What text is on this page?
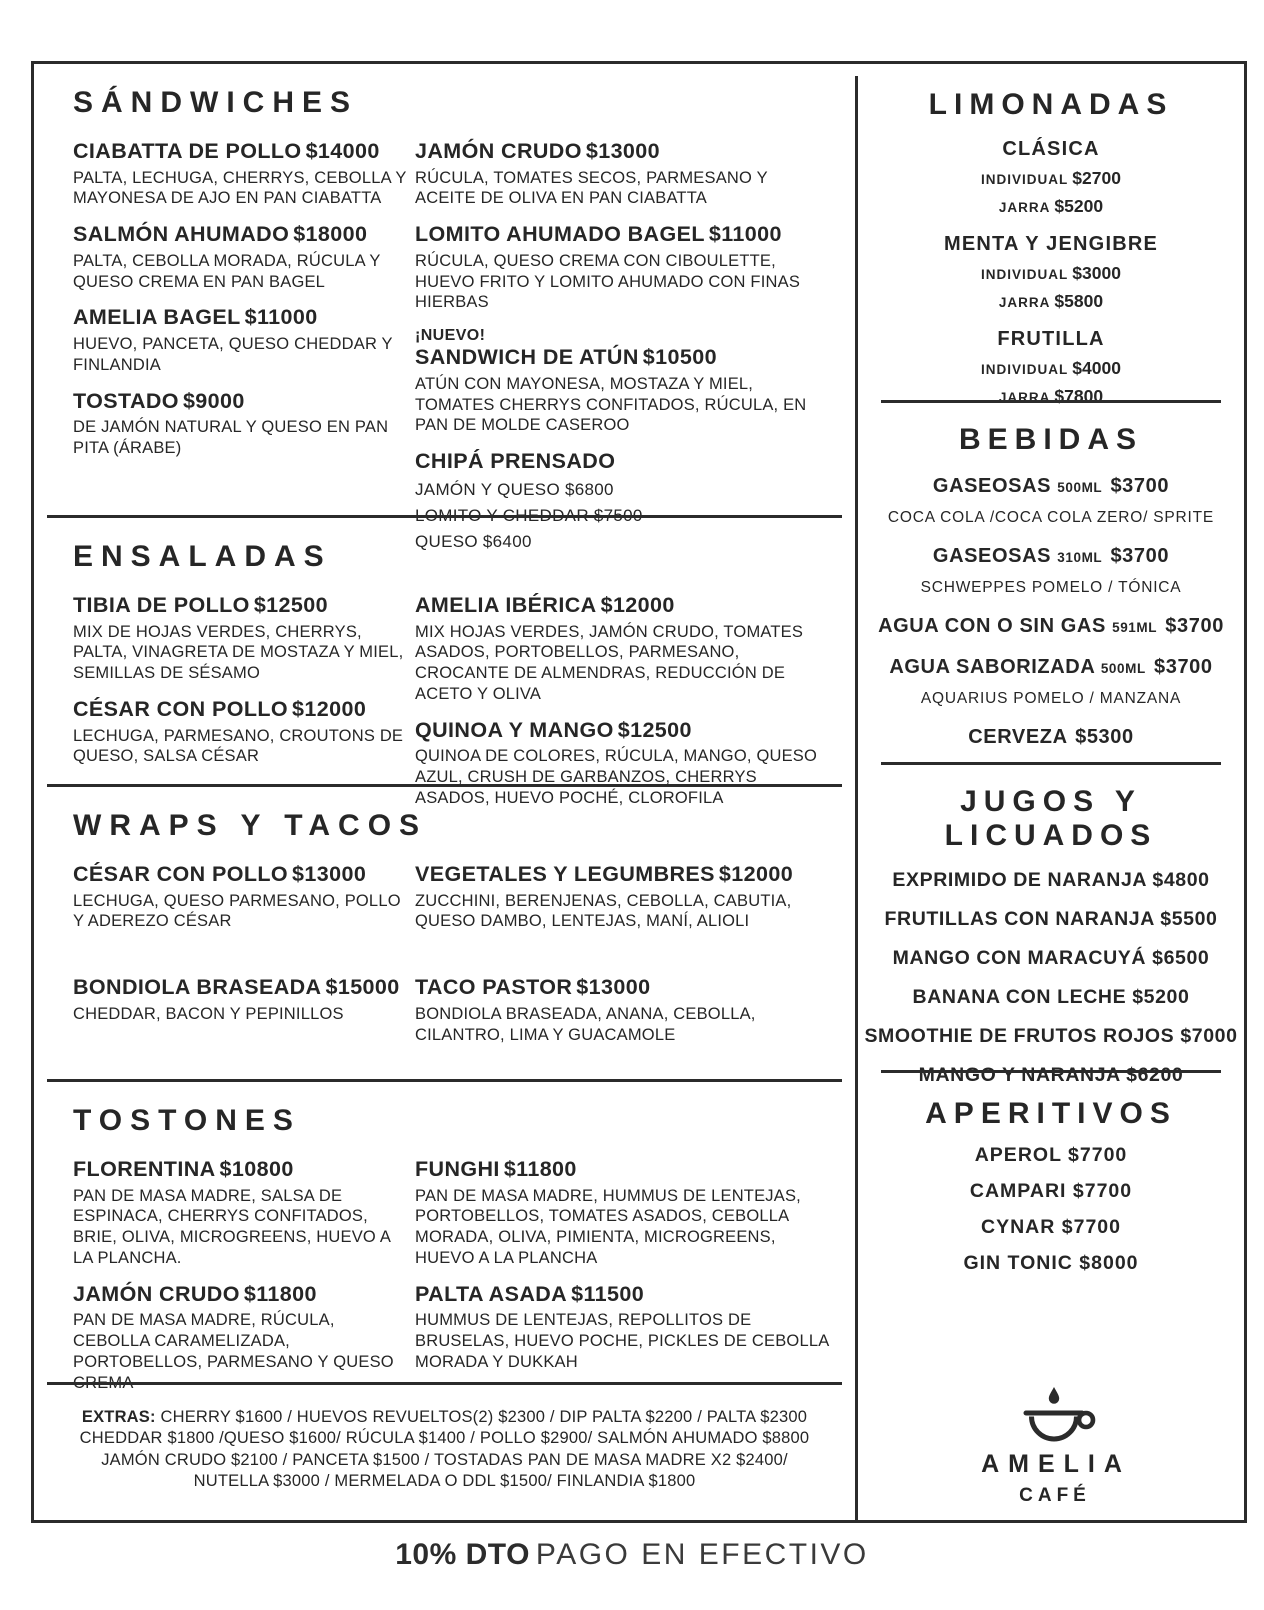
SÁNDWICHES
CIABATTA DE POLLO $14000
PALTA, LECHUGA, CHERRYS, CEBOLLA Y MAYONESA DE AJO EN PAN CIABATTA
SALMÓN AHUMADO $18000
PALTA, CEBOLLA MORADA, RÚCULA Y QUESO CREMA EN PAN BAGEL
AMELIA BAGEL $11000
HUEVO, PANCETA, QUESO CHEDDAR Y FINLANDIA
TOSTADO $9000
DE JAMÓN NATURAL Y QUESO EN PAN PITA (ÁRABE)
JAMÓN CRUDO $13000
RÚCULA, TOMATES SECOS, PARMESANO Y ACEITE DE OLIVA EN PAN CIABATTA
LOMITO AHUMADO BAGEL $11000
RÚCULA, QUESO CREMA CON CIBOULETTE, HUEVO FRITO Y LOMITO AHUMADO CON FINAS HIERBAS
¡NUEVO!
SANDWICH DE ATÚN $10500
ATÚN CON MAYONESA, MOSTAZA Y MIEL, TOMATES CHERRYS CONFITADOS, RÚCULA, EN PAN DE MOLDE CASEROO
CHIPÁ PRENSADO
JAMÓN Y QUESO $6800
LOMITO Y CHEDDAR $7500
QUESO $6400
ENSALADAS
TIBIA DE POLLO $12500
MIX DE HOJAS VERDES, CHERRYS, PALTA, VINAGRETA DE MOSTAZA Y MIEL, SEMILLAS DE SÉSAMO
CÉSAR CON POLLO $12000
LECHUGA, PARMESANO, CROUTONS DE QUESO, SALSA CÉSAR
AMELIA IBÉRICA $12000
MIX HOJAS VERDES, JAMÓN CRUDO, TOMATES ASADOS, PORTOBELLOS, PARMESANO, CROCANTE DE ALMENDRAS, REDUCCIÓN DE ACETO Y OLIVA
QUINOA Y MANGO $12500
QUINOA DE COLORES, RÚCULA, MANGO, QUESO AZUL, CRUSH DE GARBANZOS, CHERRYS ASADOS, HUEVO POCHÉ, CLOROFILA
WRAPS Y TACOS
CÉSAR CON POLLO $13000
LECHUGA, QUESO PARMESANO, POLLO Y ADEREZO CÉSAR
BONDIOLA BRASEADA $15000
CHEDDAR, BACON Y PEPINILLOS
VEGETALES Y LEGUMBRES $12000
ZUCCHINI, BERENJENAS, CEBOLLA, CABUTIA, QUESO DAMBO, LENTEJAS, MANÍ, ALIOLI
TACO PASTOR $13000
BONDIOLA BRASEADA, ANANA, CEBOLLA, CILANTRO, LIMA Y GUACAMOLE
TOSTONES
FLORENTINA $10800
PAN DE MASA MADRE, SALSA DE ESPINACA, CHERRYS CONFITADOS, BRIE, OLIVA, MICROGREENS, HUEVO A LA PLANCHA.
JAMÓN CRUDO $11800
PAN DE MASA MADRE, RÚCULA, CEBOLLA CARAMELIZADA, PORTOBELLOS, PARMESANO Y QUESO CREMA
FUNGHI $11800
PAN DE MASA MADRE, HUMMUS DE LENTEJAS, PORTOBELLOS, TOMATES ASADOS, CEBOLLA MORADA, OLIVA, PIMIENTA, MICROGREENS, HUEVO A LA PLANCHA
PALTA ASADA $11500
HUMMUS DE LENTEJAS, REPOLLITOS DE BRUSELAS, HUEVO POCHE, PICKLES DE CEBOLLA MORADA Y DUKKAH
EXTRAS: CHERRY $1600 / HUEVOS REVUELTOS(2) $2300 / DIP PALTA $2200 / PALTA $2300
CHEDDAR $1800 /QUESO $1600/ RÚCULA $1400 / POLLO $2900/ SALMÓN AHUMADO $8800
JAMÓN CRUDO $2100 / PANCETA $1500 / TOSTADAS PAN DE MASA MADRE X2 $2400/
NUTELLA $3000 / MERMELADA O DDL $1500/ FINLANDIA $1800
LIMONADAS
CLÁSICA
INDIVIDUAL $2700
JARRA $5200
MENTA Y JENGIBRE
INDIVIDUAL $3000
JARRA $5800
FRUTILLA
INDIVIDUAL $4000
JARRA $7800
BEBIDAS
GASEOSAS 500ML $3700
COCA COLA /COCA COLA ZERO/ SPRITE
GASEOSAS 310ML $3700
SCHWEPPES POMELO / TÓNICA
AGUA CON O SIN GAS 591ML $3700
AGUA SABORIZADA 500ML $3700
AQUARIUS POMELO / MANZANA
CERVEZA $5300
JUGOS Y LICUADOS
EXPRIMIDO DE NARANJA $4800
FRUTILLAS CON NARANJA $5500
MANGO CON MARACUYÁ $6500
BANANA CON LECHE $5200
SMOOTHIE DE FRUTOS ROJOS $7000
MANGO Y NARANJA $6200
APERITIVOS
APEROL $7700
CAMPARI $7700
CYNAR $7700
GIN TONIC $8000
AMELIA
CAFÉ
10% DTO PAGO EN EFECTIVO
